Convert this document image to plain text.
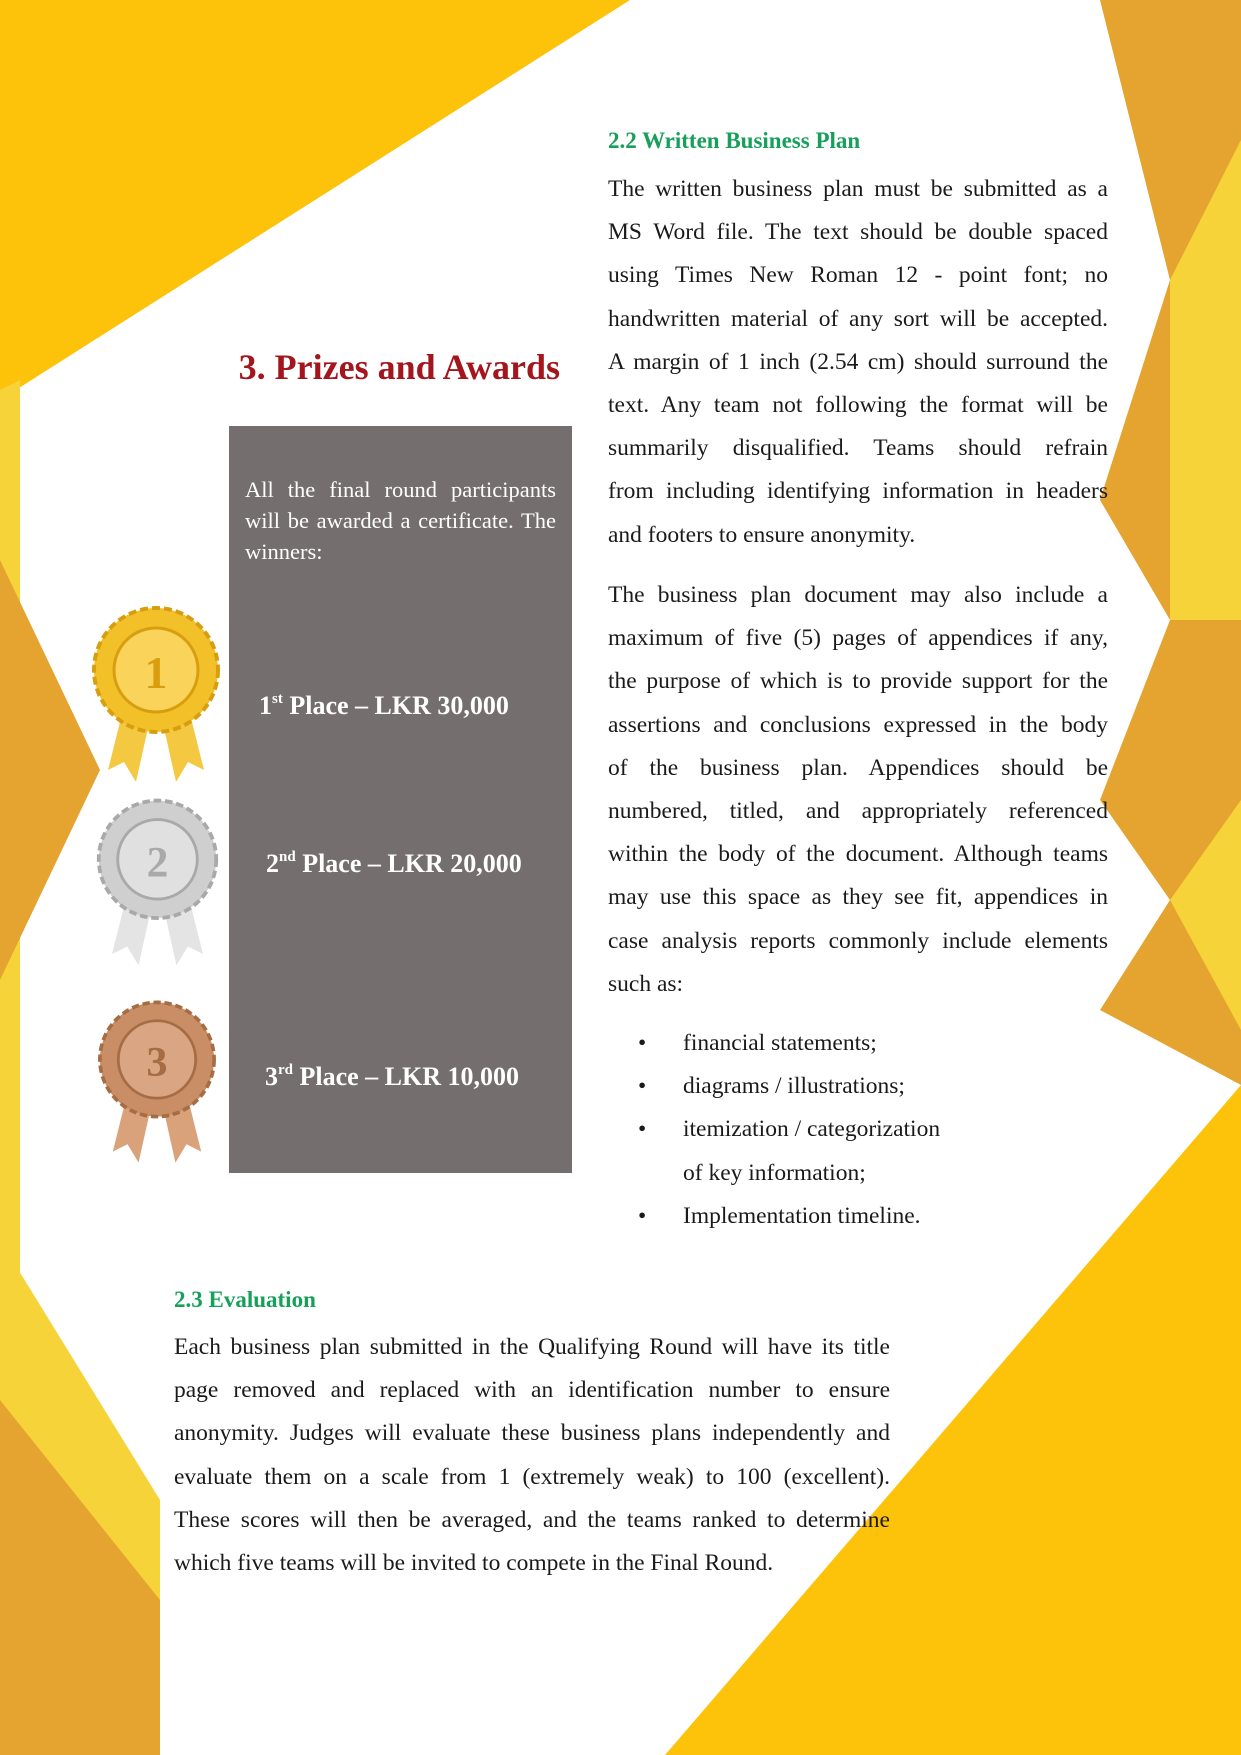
2.2 Written Business Plan
The written business plan must be submitted as a
MS Word file. The text should be double spaced
using Times New Roman 12 - point font; no
handwritten material of any sort will be accepted.
A margin of 1 inch (2.54 cm) should surround the
text. Any team not following the format will be
summarily disqualified. Teams should refrain
from including identifying information in headers
and footers to ensure anonymity.
The business plan document may also include a
maximum of five (5) pages of appendices if any,
the purpose of which is to provide support for the
assertions and conclusions expressed in the body
of the business plan. Appendices should be
numbered, titled, and appropriately referenced
within the body of the document. Although teams
may use this space as they see fit, appendices in
case analysis reports commonly include elements
such as:
• financial statements;
• diagrams / illustrations;
• itemization / categorization
of key information;
• Implementation timeline.
3. Prizes and Awards

All the final round participants will be awarded a certificate. The winners:

1st Place – LKR 30,000
2nd Place – LKR 20,000
3rd Place – LKR 10,000
1
2
3
2.3 Evaluation
Each business plan submitted in the Qualifying Round will have its title
page removed and replaced with an identification number to ensure
anonymity. Judges will evaluate these business plans independently and
evaluate them on a scale from 1 (extremely weak) to 100 (excellent).
These scores will then be averaged, and the teams ranked to determine
which five teams will be invited to compete in the Final Round.
